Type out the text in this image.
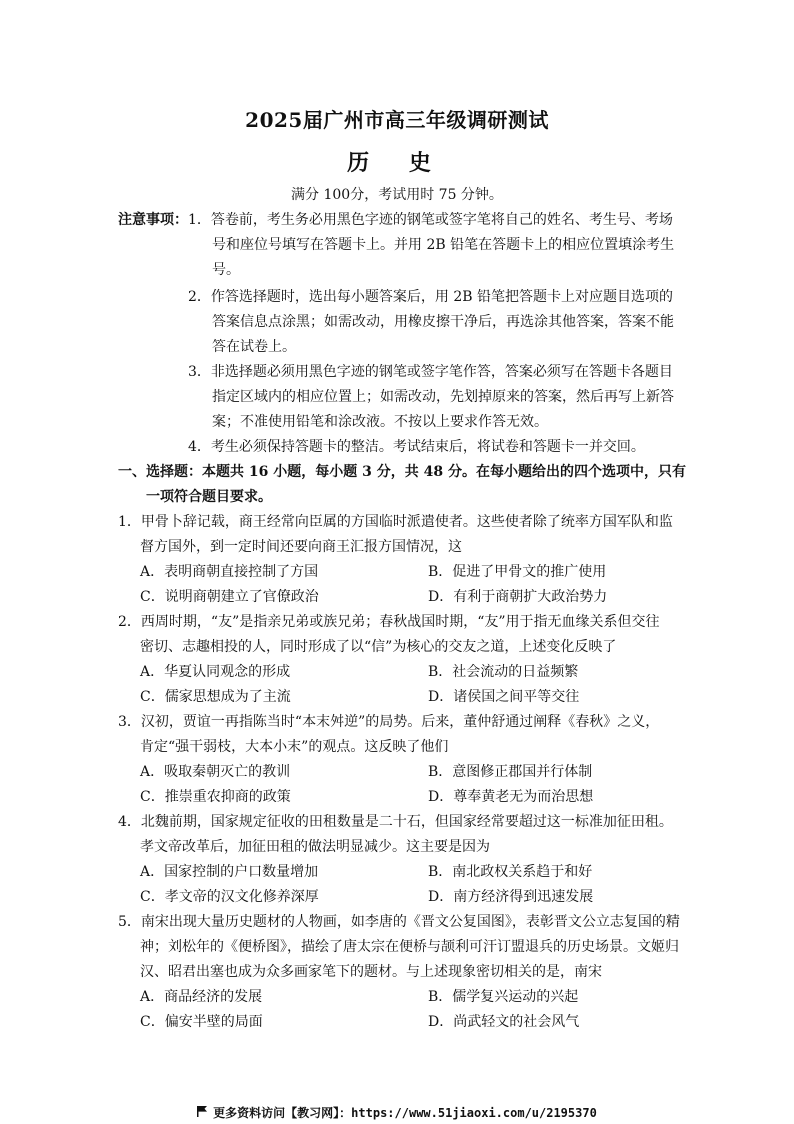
2025届广州市高三年级调研测试
历 史
满分 100分，考试用时 75 分钟。
注意事项： 1．答卷前，考生务必用黑色字迹的钢笔或签字笔将自己的姓名、考生号、考场
号和座位号填写在答题卡上。并用 2B 铅笔在答题卡上的相应位置填涂考生
号。
2．作答选择题时，选出每小题答案后，用 2B 铅笔把答题卡上对应题目选项的
答案信息点涂黑；如需改动，用橡皮擦干净后，再选涂其他答案，答案不能
答在试卷上。
3．非选择题必须用黑色字迹的钢笔或签字笔作答，答案必须写在答题卡各题目
指定区域内的相应位置上；如需改动，先划掉原来的答案，然后再写上新答
案；不准使用铅笔和涂改液。不按以上要求作答无效。
4．考生必须保持答题卡的整洁。考试结束后，将试卷和答题卡一并交回。
一、选择题：本题共 16 小题，每小题 3 分，共 48 分。在每小题给出的四个选项中，只有
一项符合题目要求。
1．甲骨卜辞记载，商王经常向臣属的方国临时派遣使者。这些使者除了统率方国军队和监
督方国外，到一定时间还要向商王汇报方国情况，这
A．表明商朝直接控制了方国	B．促进了甲骨文的推广使用
C．说明商朝建立了官僚政治	D．有利于商朝扩大政治势力
2．西周时期，“友”是指亲兄弟或族兄弟；春秋战国时期，“友”用于指无血缘关系但交往
密切、志趣相投的人，同时形成了以“信”为核心的交友之道，上述变化反映了
A．华夏认同观念的形成	B．社会流动的日益频繁
C．儒家思想成为了主流	D．诸侯国之间平等交往
3．汉初，贾谊一再指陈当时“本末舛逆”的局势。后来，董仲舒通过阐释《春秋》之义，
肯定“强干弱枝，大本小末”的观点。这反映了他们
A．吸取秦朝灭亡的教训	B．意图修正郡国并行体制
C．推崇重农抑商的政策	D．尊奉黄老无为而治思想
4．北魏前期，国家规定征收的田租数量是二十石，但国家经常要超过这一标准加征田租。
孝文帝改革后，加征田租的做法明显减少。这主要是因为
A．国家控制的户口数量增加	B．南北政权关系趋于和好
C．孝文帝的汉文化修养深厚	D．南方经济得到迅速发展
5．南宋出现大量历史题材的人物画，如李唐的《晋文公复国图》，表彰晋文公立志复国的精
神；刘松年的《便桥图》，描绘了唐太宗在便桥与颉利可汗订盟退兵的历史场景。文姬归
汉、昭君出塞也成为众多画家笔下的题材。与上述现象密切相关的是，南宋
A．商品经济的发展	B．儒学复兴运动的兴起
C．偏安半壁的局面	D．尚武轻文的社会风气
更多资料访问【教习网】：https://www.51jiaoxi.com/u/2195370
